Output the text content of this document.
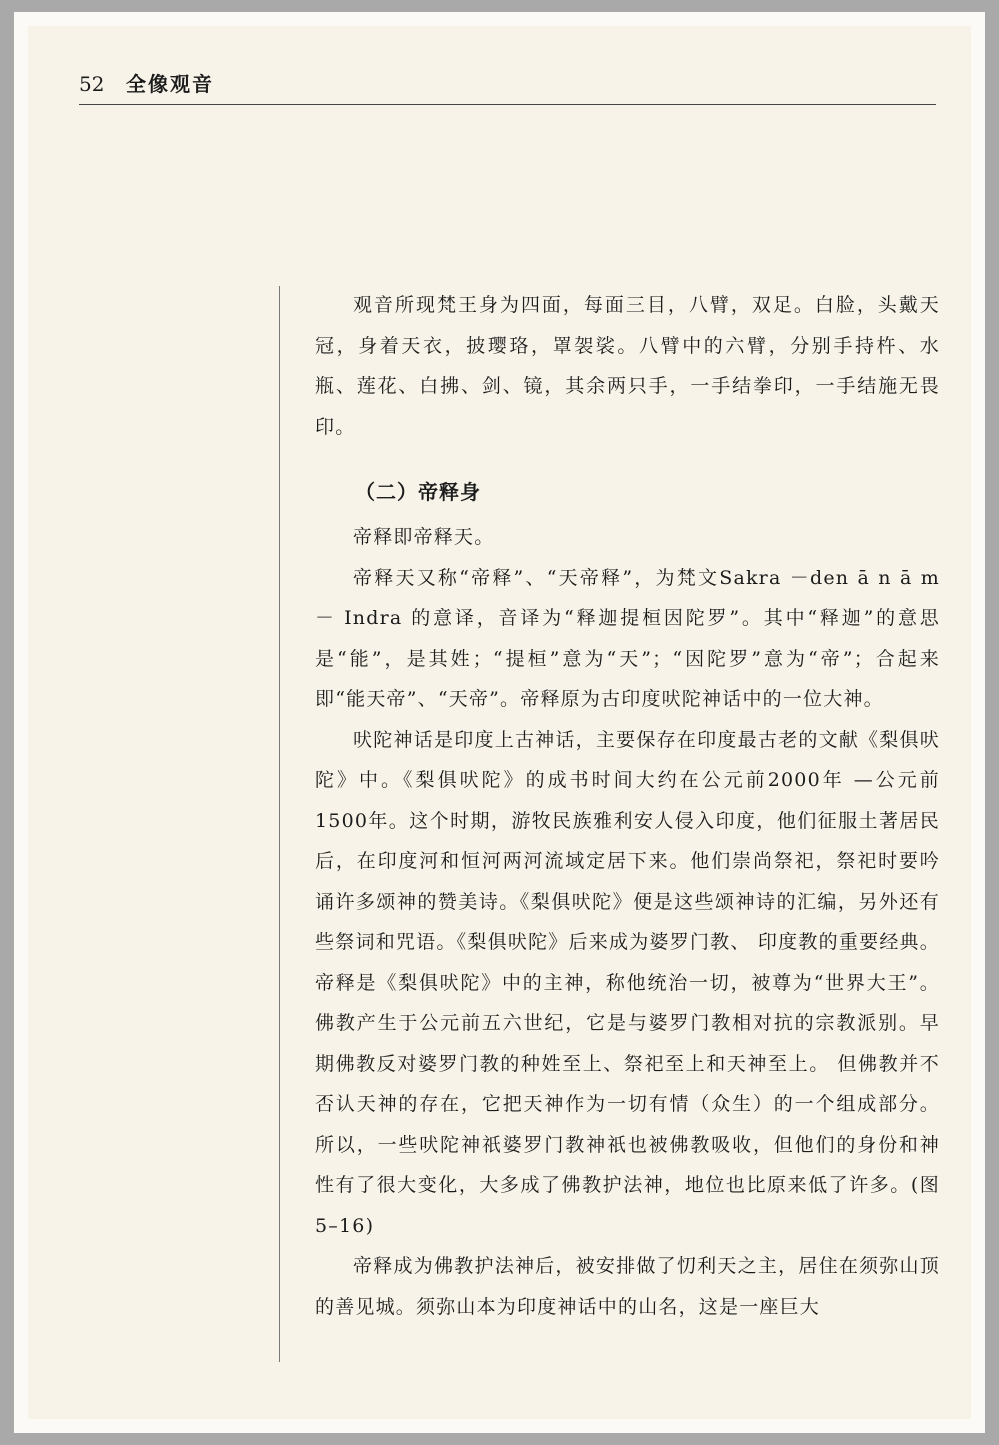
52 全像观音

观音所现梵王身为四面，每面三目，八臂，双足。白脸，头戴天冠，身着天衣，披璎珞，罩袈裟。八臂中的六臂，分别手持杵、水瓶、莲花、白拂、剑、镜，其余两只手，一手结拳印，一手结施无畏印。

（二）帝释身

帝释即帝释天。

帝释天又称“帝释”、“天帝释”，为梵文Sakra －den ā n ā m － Indra 的意译，音译为“释迦提桓因陀罗”。其中“释迦”的意思是“能”，是其姓；“提桓”意为“天”；“因陀罗”意为“帝”；合起来即“能天帝”、“天帝”。帝释原为古印度吠陀神话中的一位大神。

吠陀神话是印度上古神话，主要保存在印度最古老的文献《梨俱吠陀》中。《梨俱吠陀》的成书时间大约在公元前2000年 —公元前1500年。这个时期，游牧民族雅利安人侵入印度，他们征服土著居民后，在印度河和恒河两河流域定居下来。他们崇尚祭祀，祭祀时要吟诵许多颂神的赞美诗。《梨俱吠陀》便是这些颂神诗的汇编，另外还有些祭词和咒语。《梨俱吠陀》后来成为婆罗门教、 印度教的重要经典。帝释是《梨俱吠陀》中的主神，称他统治一切，被尊为“世界大王”。佛教产生于公元前五六世纪，它是与婆罗门教相对抗的宗教派别。早期佛教反对婆罗门教的种姓至上、祭祀至上和天神至上。 但佛教并不否认天神的存在，它把天神作为一切有情（众生）的一个组成部分。所以，一些吠陀神祇婆罗门教神祇也被佛教吸收，但他们的身份和神性有了很大变化，大多成了佛教护法神，地位也比原来低了许多。(图 5–16)

帝释成为佛教护法神后，被安排做了忉利天之主，居住在须弥山顶的善见城。须弥山本为印度神话中的山名，这是一座巨大
